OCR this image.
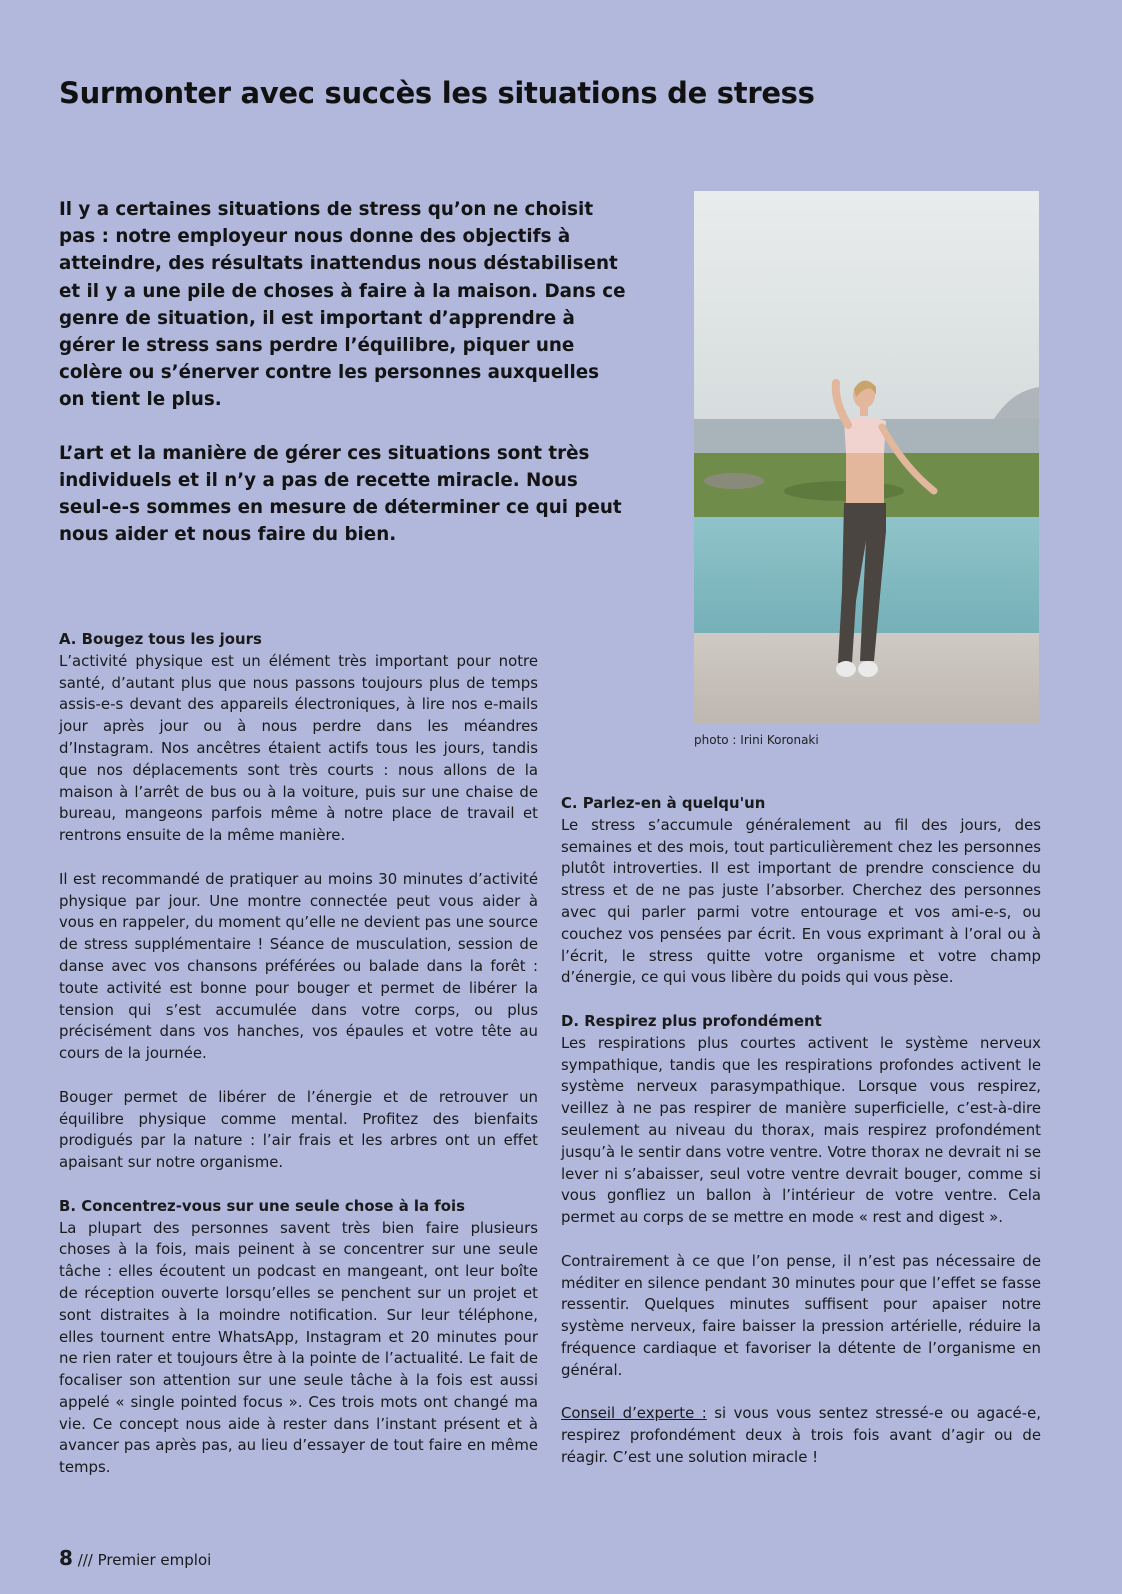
Surmonter avec succès les situations de stress

Il y a certaines situations de stress qu’on ne choisit pas : notre employeur nous donne des objectifs à atteindre, des résultats inattendus nous déstabilisent et il y a une pile de choses à faire à la maison. Dans ce genre de situation, il est important d’apprendre à gérer le stress sans perdre l’équilibre, piquer une colère ou s’énerver contre les personnes auxquelles on tient le plus.

L’art et la manière de gérer ces situations sont très individuels et il n’y a pas de recette miracle. Nous seul-e-s sommes en mesure de déterminer ce qui peut nous aider et nous faire du bien.

photo : Irini Koronaki
A. Bougez tous les jours

L’activité physique est un élément très important pour notre santé, d’autant plus que nous passons toujours plus de temps assis-e-s devant des appareils électroniques, à lire nos e-mails jour après jour ou à nous perdre dans les méandres d’Instagram. Nos ancêtres étaient actifs tous les jours, tandis que nos déplacements sont très courts : nous allons de la maison à l’arrêt de bus ou à la voiture, puis sur une chaise de bureau, mangeons parfois même à notre place de travail et rentrons ensuite de la même manière.

Il est recommandé de pratiquer au moins 30 minutes d’activité physique par jour. Une montre connectée peut vous aider à vous en rappeler, du moment qu’elle ne devient pas une source de stress supplémentaire ! Séance de musculation, session de danse avec vos chansons préférées ou balade dans la forêt : toute activité est bonne pour bouger et permet de libérer la tension qui s’est accumulée dans votre corps, ou plus précisément dans vos hanches, vos épaules et votre tête au cours de la journée.

Bouger permet de libérer de l’énergie et de retrouver un équilibre physique comme mental. Profitez des bienfaits prodigués par la nature : l’air frais et les arbres ont un effet apaisant sur notre organisme.

B. Concentrez-vous sur une seule chose à la fois

La plupart des personnes savent très bien faire plusieurs choses à la fois, mais peinent à se concentrer sur une seule tâche : elles écoutent un podcast en mangeant, ont leur boîte de réception ouverte lorsqu’elles se penchent sur un projet et sont distraites à la moindre notification. Sur leur téléphone, elles tournent entre WhatsApp, Instagram et 20 minutes pour ne rien rater et toujours être à la pointe de l’actualité. Le fait de focaliser son attention sur une seule tâche à la fois est aussi appelé « single pointed focus ». Ces trois mots ont changé ma vie. Ce concept nous aide à rester dans l’instant présent et à avancer pas après pas, au lieu d’essayer de tout faire en même temps.

C. Parlez-en à quelqu'un

Le stress s’accumule généralement au fil des jours, des semaines et des mois, tout particulièrement chez les personnes plutôt introverties. Il est important de prendre conscience du stress et de ne pas juste l’absorber. Cherchez des personnes avec qui parler parmi votre entourage et vos ami-e-s, ou couchez vos pensées par écrit. En vous exprimant à l’oral ou à l’écrit, le stress quitte votre organisme et votre champ d’énergie, ce qui vous libère du poids qui vous pèse.

D. Respirez plus profondément

Les respirations plus courtes activent le système nerveux sympathique, tandis que les respirations profondes activent le système nerveux parasympathique. Lorsque vous respirez, veillez à ne pas respirer de manière superficielle, c’est-à-dire seulement au niveau du thorax, mais respirez profondément jusqu’à le sentir dans votre ventre. Votre thorax ne devrait ni se lever ni s’abaisser, seul votre ventre devrait bouger, comme si vous gonfliez un ballon à l’intérieur de votre ventre. Cela permet au corps de se mettre en mode « rest and digest ».

Contrairement à ce que l’on pense, il n’est pas nécessaire de méditer en silence pendant 30 minutes pour que l’effet se fasse ressentir. Quelques minutes suffisent pour apaiser notre système nerveux, faire baisser la pression artérielle, réduire la fréquence cardiaque et favoriser la détente de l’organisme en général.

Conseil d’experte : si vous vous sentez stressé-e ou agacé-e, respirez profondément deux à trois fois avant d’agir ou de réagir. C’est une solution miracle !

8 /// Premier emploi
